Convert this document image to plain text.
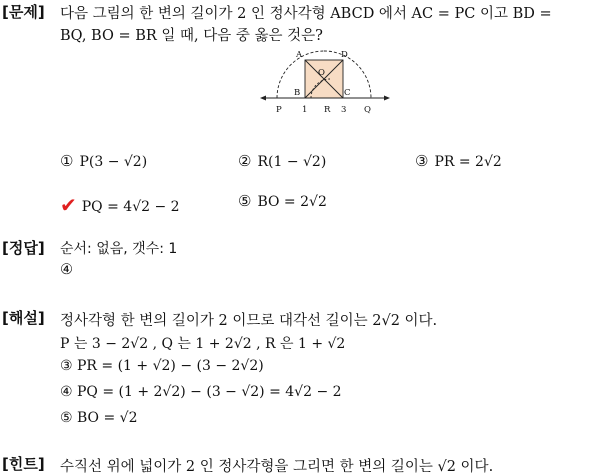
[문제] 다음 그림의 한 변의 길이가 2 인 정사각형 ABCD 에서 AC = PC 이고 BD =
BQ, BO = BR 일 때, 다음 중 옳은 것은?
A	D
O
B	C
P 1 R 3 Q
① P(3 − √2)	② R(1 − √2)	③ PR = 2√2
✔ PQ = 4√2 − 2	⑤ BO = 2√2
[정답] 순서: 없음, 갯수: 1
④
[해설] 정사각형 한 변의 길이가 2 이므로 대각선 길이는 2√2 이다.
P 는 3 − 2√2 , Q 는 1 + 2√2 , R 은 1 + √2
③ PR = (1 + √2) − (3 − 2√2)
④ PQ = (1 + 2√2) − (3 − √2) = 4√2 − 2
⑤ BO = √2
[힌트] 수직선 위에 넓이가 2 인 정사각형을 그리면 한 변의 길이는 √2 이다.
